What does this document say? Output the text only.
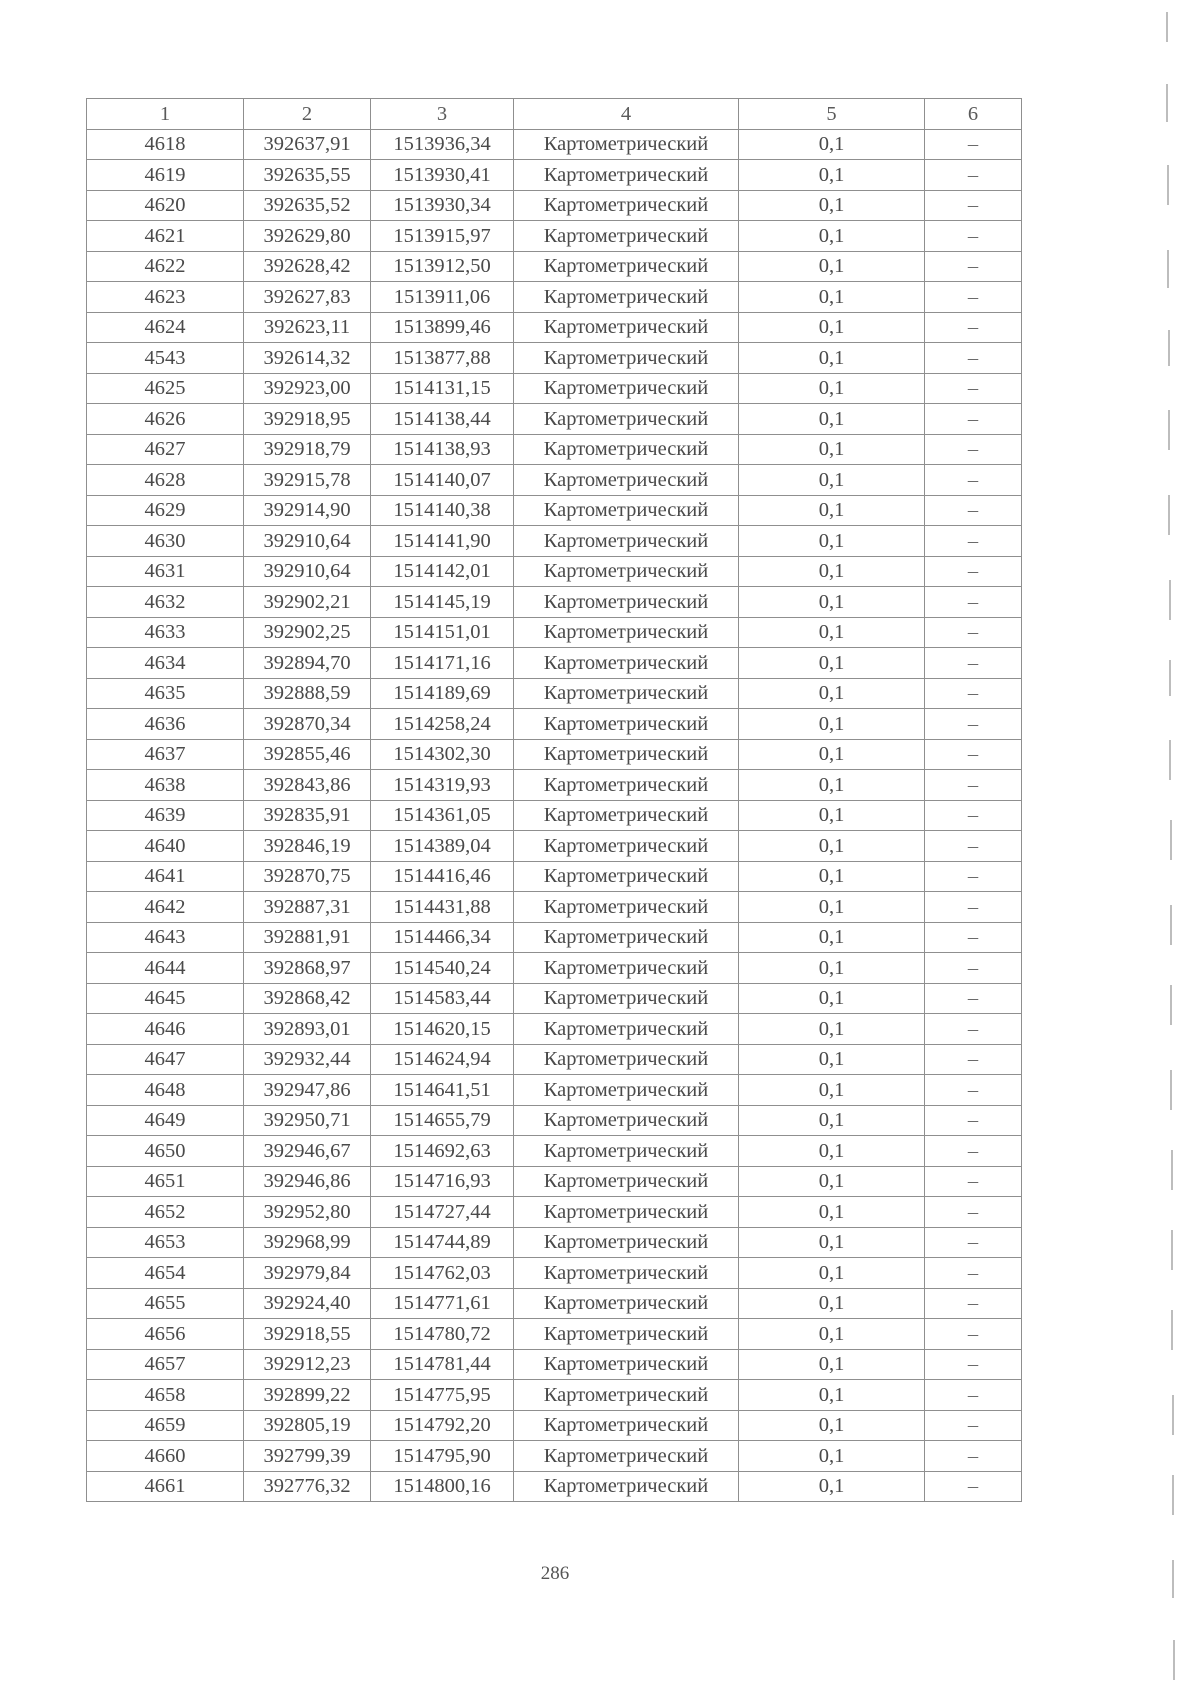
1	2	3	4	5	6
4618	392637,91	1513936,34	Картометрический	0,1	–
4619	392635,55	1513930,41	Картометрический	0,1	–
4620	392635,52	1513930,34	Картометрический	0,1	–
4621	392629,80	1513915,97	Картометрический	0,1	–
4622	392628,42	1513912,50	Картометрический	0,1	–
4623	392627,83	1513911,06	Картометрический	0,1	–
4624	392623,11	1513899,46	Картометрический	0,1	–
4543	392614,32	1513877,88	Картометрический	0,1	–
4625	392923,00	1514131,15	Картометрический	0,1	–
4626	392918,95	1514138,44	Картометрический	0,1	–
4627	392918,79	1514138,93	Картометрический	0,1	–
4628	392915,78	1514140,07	Картометрический	0,1	–
4629	392914,90	1514140,38	Картометрический	0,1	–
4630	392910,64	1514141,90	Картометрический	0,1	–
4631	392910,64	1514142,01	Картометрический	0,1	–
4632	392902,21	1514145,19	Картометрический	0,1	–
4633	392902,25	1514151,01	Картометрический	0,1	–
4634	392894,70	1514171,16	Картометрический	0,1	–
4635	392888,59	1514189,69	Картометрический	0,1	–
4636	392870,34	1514258,24	Картометрический	0,1	–
4637	392855,46	1514302,30	Картометрический	0,1	–
4638	392843,86	1514319,93	Картометрический	0,1	–
4639	392835,91	1514361,05	Картометрический	0,1	–
4640	392846,19	1514389,04	Картометрический	0,1	–
4641	392870,75	1514416,46	Картометрический	0,1	–
4642	392887,31	1514431,88	Картометрический	0,1	–
4643	392881,91	1514466,34	Картометрический	0,1	–
4644	392868,97	1514540,24	Картометрический	0,1	–
4645	392868,42	1514583,44	Картометрический	0,1	–
4646	392893,01	1514620,15	Картометрический	0,1	–
4647	392932,44	1514624,94	Картометрический	0,1	–
4648	392947,86	1514641,51	Картометрический	0,1	–
4649	392950,71	1514655,79	Картометрический	0,1	–
4650	392946,67	1514692,63	Картометрический	0,1	–
4651	392946,86	1514716,93	Картометрический	0,1	–
4652	392952,80	1514727,44	Картометрический	0,1	–
4653	392968,99	1514744,89	Картометрический	0,1	–
4654	392979,84	1514762,03	Картометрический	0,1	–
4655	392924,40	1514771,61	Картометрический	0,1	–
4656	392918,55	1514780,72	Картометрический	0,1	–
4657	392912,23	1514781,44	Картометрический	0,1	–
4658	392899,22	1514775,95	Картометрический	0,1	–
4659	392805,19	1514792,20	Картометрический	0,1	–
4660	392799,39	1514795,90	Картометрический	0,1	–
4661	392776,32	1514800,16	Картометрический	0,1	–
286
